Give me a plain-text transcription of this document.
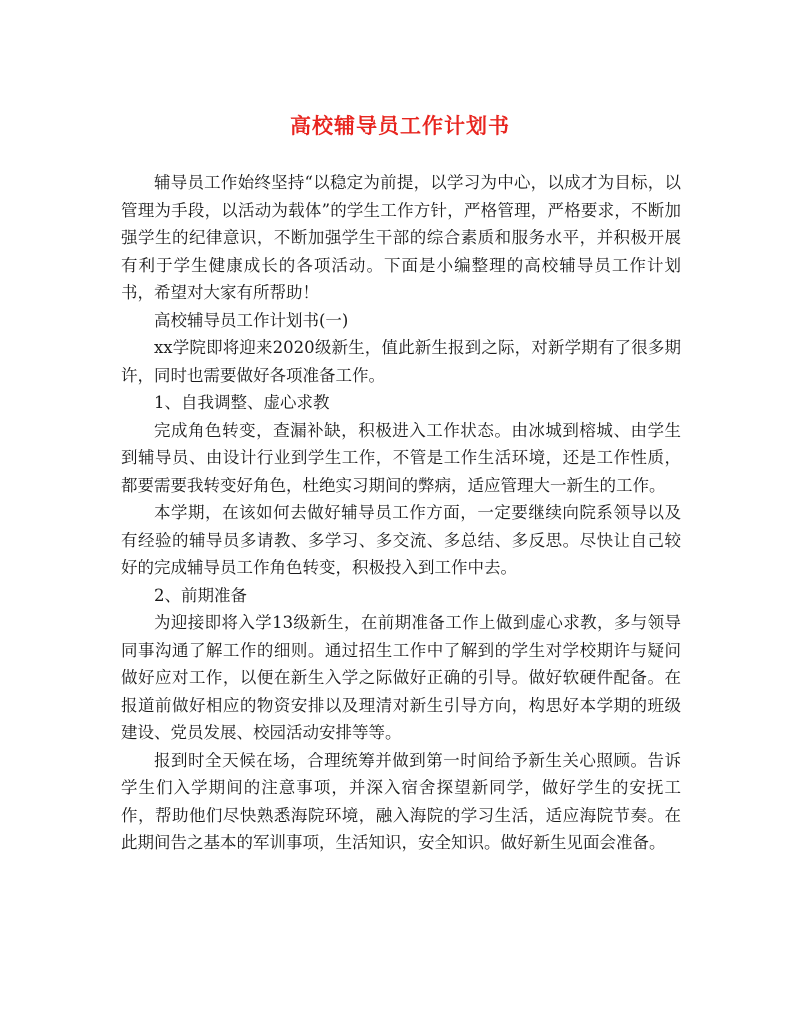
高校辅导员工作计划书

辅导员工作始终坚持“以稳定为前提，以学习为中心，以成才为目标，以管理为手段，以活动为载体”的学生工作方针，严格管理，严格要求，不断加强学生的纪律意识，不断加强学生干部的综合素质和服务水平，并积极开展有利于学生健康成长的各项活动。下面是小编整理的高校辅导员工作计划书，希望对大家有所帮助！

高校辅导员工作计划书(一)

xx学院即将迎来2020级新生，值此新生报到之际，对新学期有了很多期许，同时也需要做好各项准备工作。

1、自我调整、虚心求教

完成角色转变，查漏补缺，积极进入工作状态。由冰城到榕城、由学生到辅导员、由设计行业到学生工作，不管是工作生活环境，还是工作性质，都要需要我转变好角色，杜绝实习期间的弊病，适应管理大一新生的工作。

本学期，在该如何去做好辅导员工作方面，一定要继续向院系领导以及有经验的辅导员多请教、多学习、多交流、多总结、多反思。尽快让自己较好的完成辅导员工作角色转变，积极投入到工作中去。

2、前期准备

为迎接即将入学13级新生，在前期准备工作上做到虚心求教，多与领导同事沟通了解工作的细则。通过招生工作中了解到的学生对学校期许与疑问做好应对工作，以便在新生入学之际做好正确的引导。做好软硬件配备。在报道前做好相应的物资安排以及理清对新生引导方向，构思好本学期的班级建设、党员发展、校园活动安排等等。

报到时全天候在场，合理统筹并做到第一时间给予新生关心照顾。告诉学生们入学期间的注意事项，并深入宿舍探望新同学，做好学生的安抚工作，帮助他们尽快熟悉海院环境，融入海院的学习生活，适应海院节奏。在此期间告之基本的军训事项，生活知识，安全知识。做好新生见面会准备。
